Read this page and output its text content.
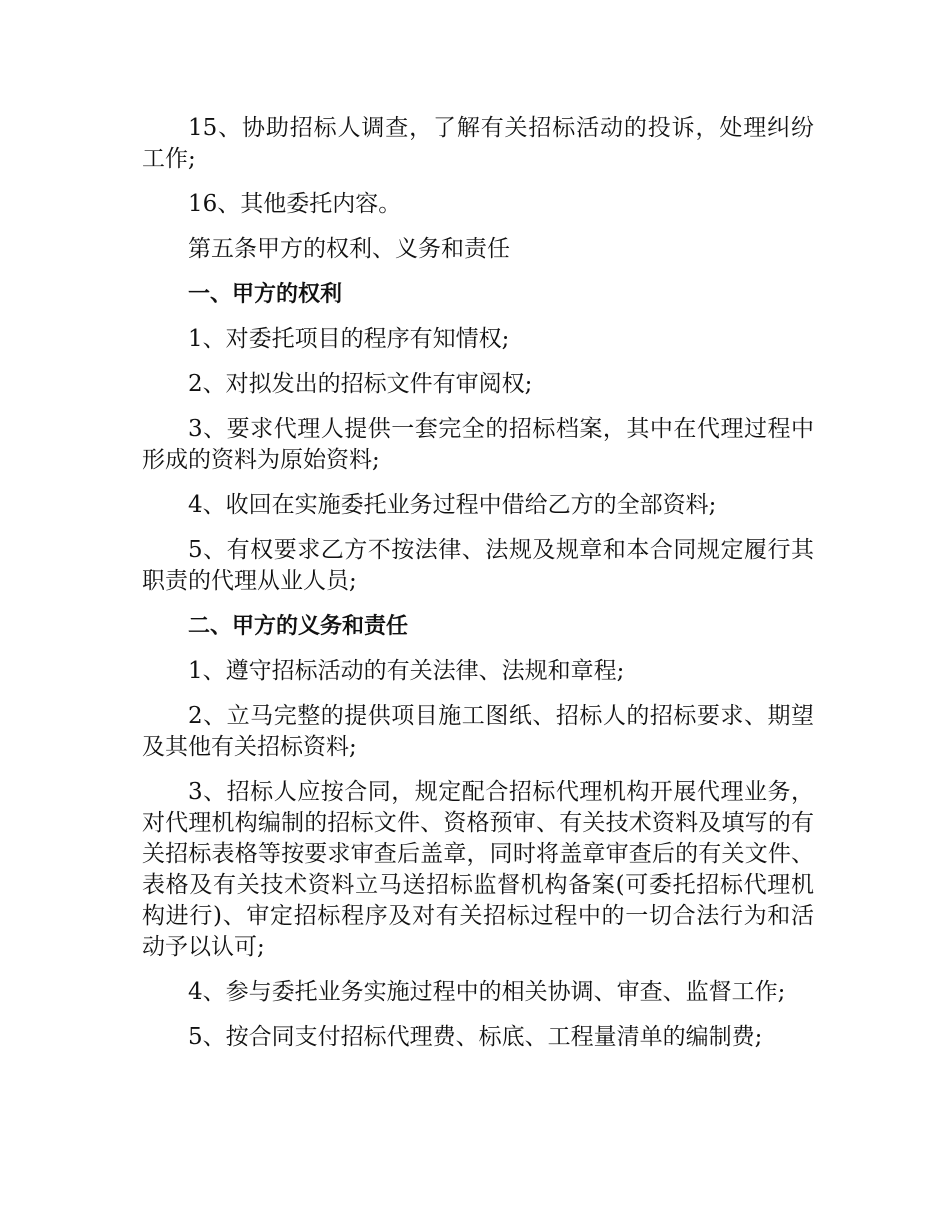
15、协助招标人调查，了解有关招标活动的投诉，处理纠纷工作;

16、其他委托内容。

第五条甲方的权利、义务和责任

一、甲方的权利

1、对委托项目的程序有知情权;

2、对拟发出的招标文件有审阅权;

3、要求代理人提供一套完全的招标档案，其中在代理过程中形成的资料为原始资料;

4、收回在实施委托业务过程中借给乙方的全部资料;

5、有权要求乙方不按法律、法规及规章和本合同规定履行其职责的代理从业人员;

二、甲方的义务和责任

1、遵守招标活动的有关法律、法规和章程;

2、立马完整的提供项目施工图纸、招标人的招标要求、期望及其他有关招标资料;

3、招标人应按合同，规定配合招标代理机构开展代理业务，对代理机构编制的招标文件、资格预审、有关技术资料及填写的有关招标表格等按要求审查后盖章，同时将盖章审查后的有关文件、表格及有关技术资料立马送招标监督机构备案(可委托招标代理机构进行)、审定招标程序及对有关招标过程中的一切合法行为和活动予以认可;

4、参与委托业务实施过程中的相关协调、审查、监督工作;

5、按合同支付招标代理费、标底、工程量清单的编制费;
